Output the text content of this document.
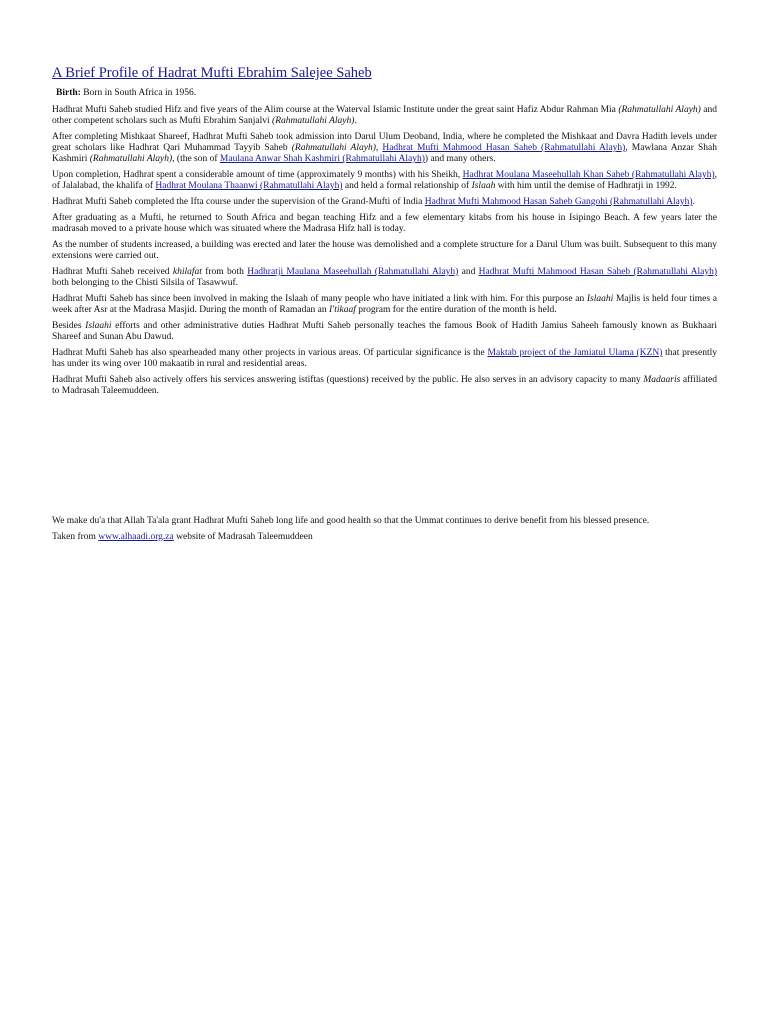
A Brief Profile of Hadrat Mufti Ebrahim Salejee Saheb

Birth: Born in South Africa in 1956.

Hadhrat Mufti Saheb studied Hifz and five years of the Alim course at the Waterval Islamic Institute under the great saint Hafiz Abdur Rahman Mia (Rahmatullahi Alayh) and other competent scholars such as Mufti Ebrahim Sanjalvi (Rahmatullahi Alayh).

After completing Mishkaat Shareef, Hadhrat Mufti Saheb took admission into Darul Ulum Deoband, India, where he completed the Mishkaat and Davra Hadith levels under great scholars like Hadhrat Qari Muhammad Tayyib Saheb (Rahmatullahi Alayh), Hadhrat Mufti Mahmood Hasan Saheb (Rahmatullahi Alayh), Mawlana Anzar Shah Kashmiri (Rahmatullahi Alayh), (the son of Maulana Anwar Shah Kashmiri (Rahmatullahi Alayh)) and many others.

Upon completion, Hadhrat spent a considerable amount of time (approximately 9 months) with his Sheikh, Hadhrat Moulana Maseehullah Khan Saheb (Rahmatullahi Alayh), of Jalalabad, the khalifa of Hadhrat Moulana Thaanwi (Rahmatullahi Alayh) and held a formal relationship of Islaah with him until the demise of Hadhratji in 1992.

Hadhrat Mufti Saheb completed the Ifta course under the supervision of the Grand-Mufti of India Hadhrat Mufti Mahmood Hasan Saheb Gangohi (Rahmatullahi Alayh).

After graduating as a Mufti, he returned to South Africa and began teaching Hifz and a few elementary kitabs from his house in Isipingo Beach. A few years later the madrasah moved to a private house which was situated where the Madrasa Hifz hall is today.

As the number of students increased, a building was erected and later the house was demolished and a complete structure for a Darul Ulum was built. Subsequent to this many extensions were carried out.

Hadhrat Mufti Saheb received khilafat from both Hadhratji Maulana Maseehullah (Rahmatullahi Alayh) and Hadhrat Mufti Mahmood Hasan Saheb (Rahmatullahi Alayh) both belonging to the Chisti Silsila of Tasawwuf.

Hadhrat Mufti Saheb has since been involved in making the Islaah of many people who have initiated a link with him. For this purpose an Islaahi Majlis is held four times a week after Asr at the Madrasa Masjid. During the month of Ramadan an I'tikaaf program for the entire duration of the month is held.

Besides Islaahi efforts and other administrative duties Hadhrat Mufti Saheb personally teaches the famous Book of Hadith Jamius Saheeh famously known as Bukhaari Shareef and Sunan Abu Dawud.

Hadhrat Mufti Saheb has also spearheaded many other projects in various areas. Of particular significance is the Maktab project of the Jamiatul Ulama (KZN) that presently has under its wing over 100 makaatib in rural and residential areas.

Hadhrat Mufti Saheb also actively offers his services answering istiftas (questions) received by the public. He also serves in an advisory capacity to many Madaaris affiliated to Madrasah Taleemuddeen.

We make du'a that Allah Ta'ala grant Hadhrat Mufti Saheb long life and good health so that the Ummat continues to derive benefit from his blessed presence.

Taken from www.alhaadi.org.za website of Madrasah Taleemuddeen
